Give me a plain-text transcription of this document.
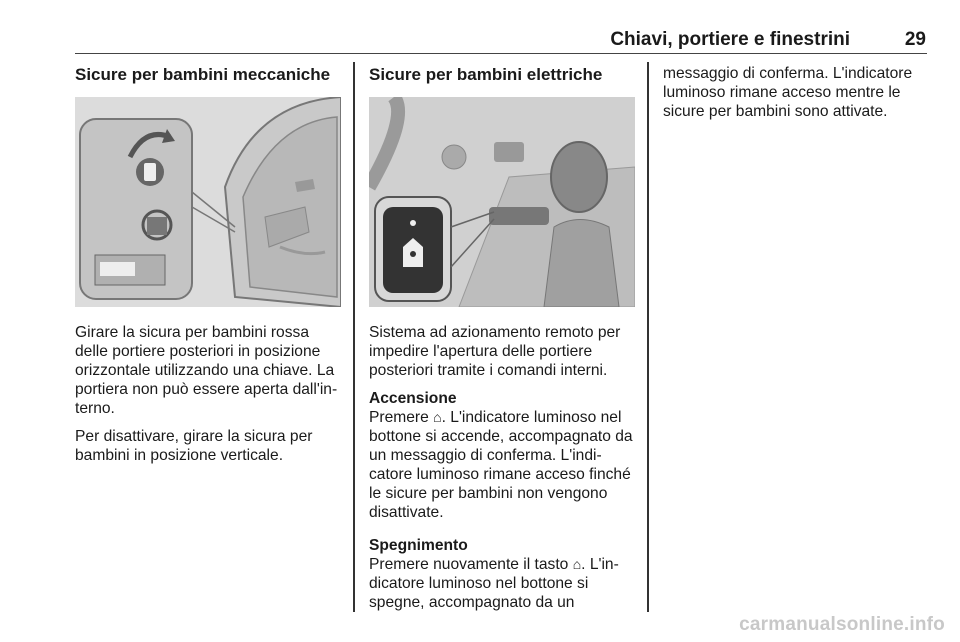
Chiavi, portiere e finestrini	29
Sicure per bambini meccaniche

Girare la sicura per bambini rossa delle portiere posteriori in posizione orizzontale utilizzando una chiave. La portiera non può essere aperta dall'in-terno.

Per disattivare, girare la sicura per bambini in posizione verticale.

Sicure per bambini elettriche

Sistema ad azionamento remoto per impedire l'apertura delle portiere posteriori tramite i comandi interni.

Accensione
Premere ⌂. L'indicatore luminoso nel bottone si accende, accompagnato da un messaggio di conferma. L'indi-catore luminoso rimane acceso finché le sicure per bambini non vengono disattivate.

Spegnimento
Premere nuovamente il tasto ⌂. L'in-dicatore luminoso nel bottone si spegne, accompagnato da un

messaggio di conferma. L'indicatore luminoso rimane acceso mentre le sicure per bambini sono attivate.

carmanualsonline.info
